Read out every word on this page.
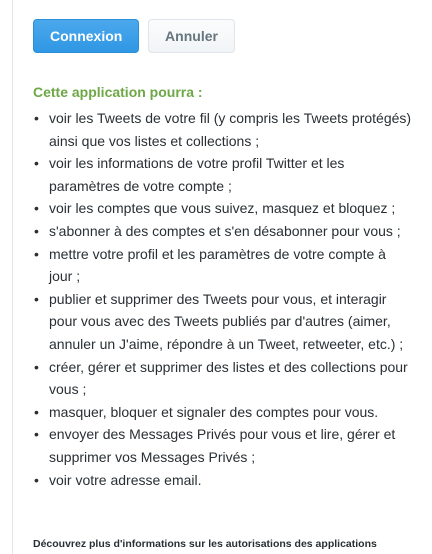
Connexion	Annuler
Cette application pourra :
• voir les Tweets de votre fil (y compris les Tweets protégés) ainsi que vos listes et collections ;
• voir les informations de votre profil Twitter et les paramètres de votre compte ;
• voir les comptes que vous suivez, masquez et bloquez ;
• s'abonner à des comptes et s'en désabonner pour vous ;
• mettre votre profil et les paramètres de votre compte à jour ;
• publier et supprimer des Tweets pour vous, et interagir pour vous avec des Tweets publiés par d'autres (aimer, annuler un J'aime, répondre à un Tweet, retweeter, etc.) ;
• créer, gérer et supprimer des listes et des collections pour vous ;
• masquer, bloquer et signaler des comptes pour vous.
• envoyer des Messages Privés pour vous et lire, gérer et supprimer vos Messages Privés ;
• voir votre adresse email.
Découvrez plus d'informations sur les autorisations des applications
